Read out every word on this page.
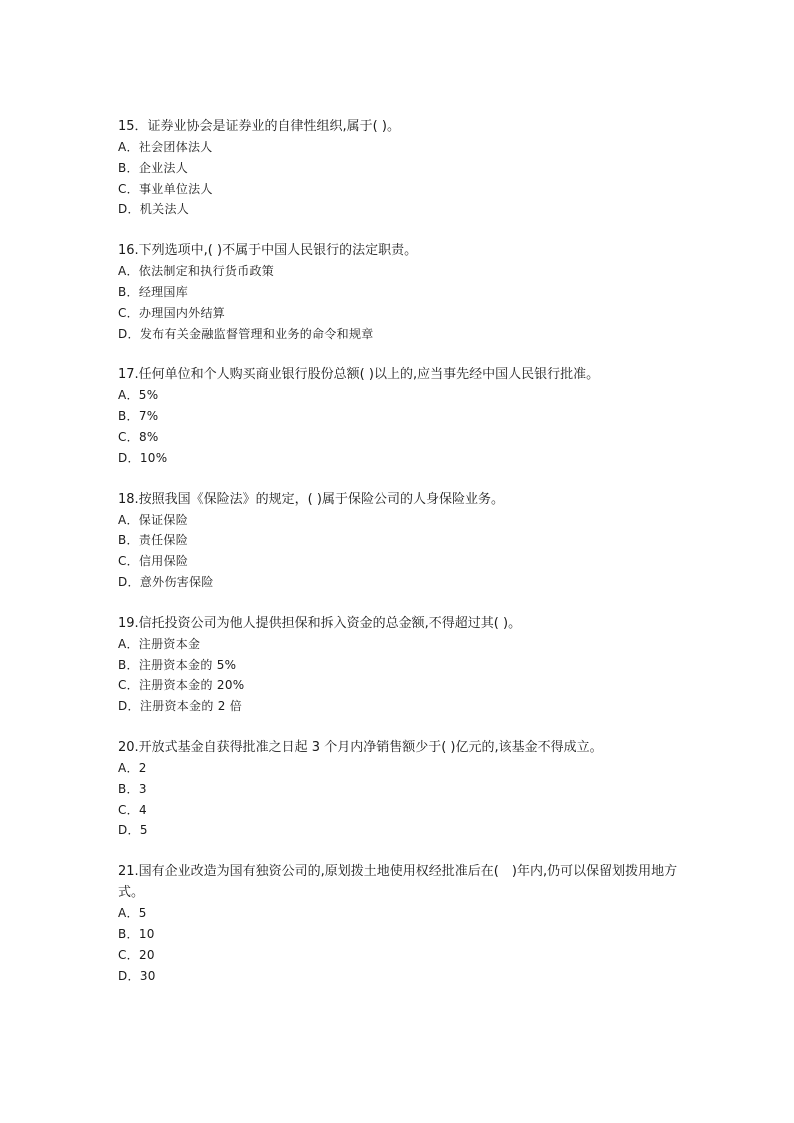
15．证券业协会是证券业的自律性组织,属于( )。

A．社会团体法人

B．企业法人

C．事业单位法人

D．机关法人

16.下列选项中,( )不属于中国人民银行的法定职责。

A．依法制定和执行货币政策

B．经理国库

C．办理国内外结算

D．发布有关金融监督管理和业务的命令和规章

17.任何单位和个人购买商业银行股份总额( )以上的,应当事先经中国人民银行批准。

A．5%

B．7%

C．8%

D．10%

18.按照我国《保险法》的规定，( )属于保险公司的人身保险业务。

A．保证保险

B．责任保险

C．信用保险

D．意外伤害保险

19.信托投资公司为他人提供担保和拆入资金的总金额,不得超过其( )。

A．注册资本金

B．注册资本金的 5%

C．注册资本金的 20%

D．注册资本金的 2 倍

20.开放式基金自获得批准之日起 3 个月内净销售额少于( )亿元的,该基金不得成立。

A．2

B．3

C．4

D．5

21.国有企业改造为国有独资公司的,原划拨土地使用权经批准后在(　)年内,仍可以保留划拨用地方式。

A．5

B．10

C．20

D．30
